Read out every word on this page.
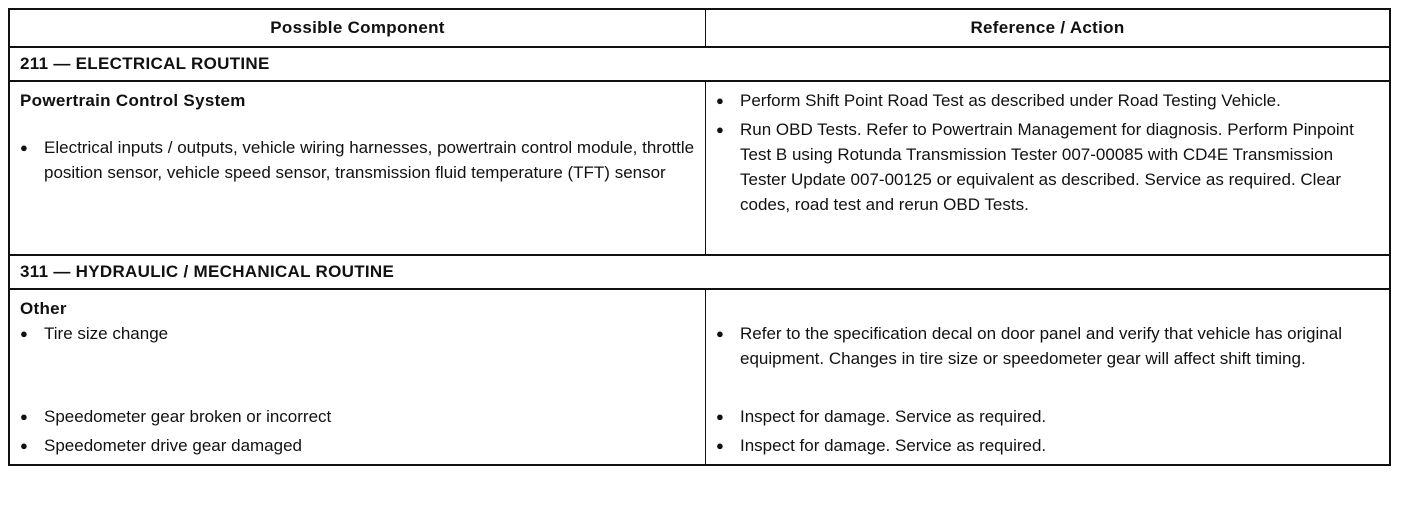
Possible Component	Reference / Action
211 — ELECTRICAL ROUTINE
Powertrain Control System
● Electrical inputs / outputs, vehicle wiring harnesses, powertrain control module, throttle position sensor, vehicle speed sensor, transmission fluid temperature (TFT) sensor
● Perform Shift Point Road Test as described under Road Testing Vehicle.
● Run OBD Tests. Refer to Powertrain Management for diagnosis. Perform Pinpoint Test B using Rotunda Transmission Tester 007-00085 with CD4E Transmission Tester Update 007-00125 or equivalent as described. Service as required. Clear codes, road test and rerun OBD Tests.
311 — HYDRAULIC / MECHANICAL ROUTINE
Other
● Tire size change
● Speedometer gear broken or incorrect
● Speedometer drive gear damaged
● Refer to the specification decal on door panel and verify that vehicle has original equipment. Changes in tire size or speedometer gear will affect shift timing.
● Inspect for damage. Service as required.
● Inspect for damage. Service as required.
